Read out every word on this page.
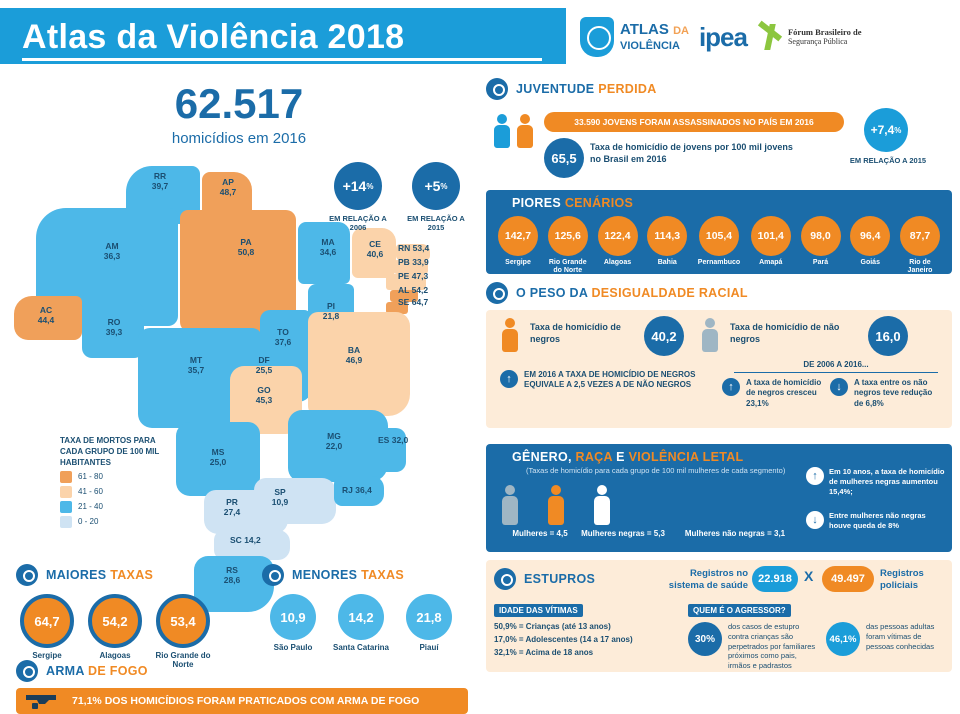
Atlas da Violência 2018	ATLAS DA
VIOLÊNCIA ipea	Fórum Brasileiro de
Segurança Pública
62.517
homicídios em 2016
RR
39,7	AP
48,7
AM
36,3
PA
50,8
MA
34,6
CE
40,6
RN 53,4
PB 33,9
PE 47,3
AL 54,2
SE 64,7
PI
21,8
AC
44,4	RO
39,3	TO
37,6
MT
35,7
BA
46,9
DF
25,5
GO
45,3
MG
22,0
ES 32,0
MS
25,0
SP
10,9
RJ 36,4
PR
27,4
SC 14,2
RS
28,6
TAXA DE MORTOS PARA CADA GRUPO DE 100 MIL HABITANTES
61 - 80
41 - 60
21 - 40
0 - 20
+14 %
EM RELAÇÃO A 2006
+5 %
EM RELAÇÃO A 2015
MAIORES TAXAS
64,7
Sergipe
54,2
Alagoas
53,4
Rio Grande do Norte
MENORES TAXAS
10,9
São Paulo
14,2
Santa Catarina
21,8
Piauí
ARMA DE FOGO
71,1% DOS HOMICÍDIOS FORAM PRATICADOS COM ARMA DE FOGO
JUVENTUDE PERDIDA
33.590 JOVENS FORAM ASSASSINADOS NO PAÍS EM 2016
65,5
Taxa de homicídio de jovens por 100 mil jovens no Brasil em 2016
+7,4 %
EM RELAÇÃO A 2015
PIORES CENÁRIOS
142,7
Sergipe
125,6
Rio Grande do Norte
122,4
Alagoas
114,3
Bahia
105,4
Pernambuco
101,4
Amapá
98,0
Pará
96,4
Goiás
87,7
Rio de Janeiro
O PESO DA DESIGUALDADE RACIAL
Taxa de homicídio de negros	40,2
Taxa de homicídio de não negros	16,0
DE 2006 A 2016...
↑	EM 2016 A TAXA DE HOMICÍDIO DE NEGROS EQUIVALE A 2,5 VEZES A DE NÃO NEGROS	↑	A taxa de homicídio de negros cresceu 23,1%
↓	A taxa entre os não negros teve redução de 6,8%
GÊNERO, RAÇA E VIOLÊNCIA LETAL
(Taxas de homicídio para cada grupo de 100 mil mulheres de cada segmento)
Mulheres = 4,5	Mulheres negras = 5,3	Mulheres não negras = 3,1
↑	Em 10 anos, a taxa de homicídio de mulheres negras aumentou 15,4%;
↓	Entre mulheres não negras houve queda de 8%
ESTUPROS	Registros no sistema de saúde
22.918 X	49.497	Registros policiais
IDADE DAS VÍTIMAS
50,9% = Crianças (até 13 anos)
17,0% = Adolescentes (14 a 17 anos)
32,1% = Acima de 18 anos
QUEM É O AGRESSOR?
30%
dos casos de estupro contra crianças são perpetrados por familiares próximos como pais, irmãos e padrastos
46,1%
das pessoas adultas foram vítimas de pessoas conhecidas
